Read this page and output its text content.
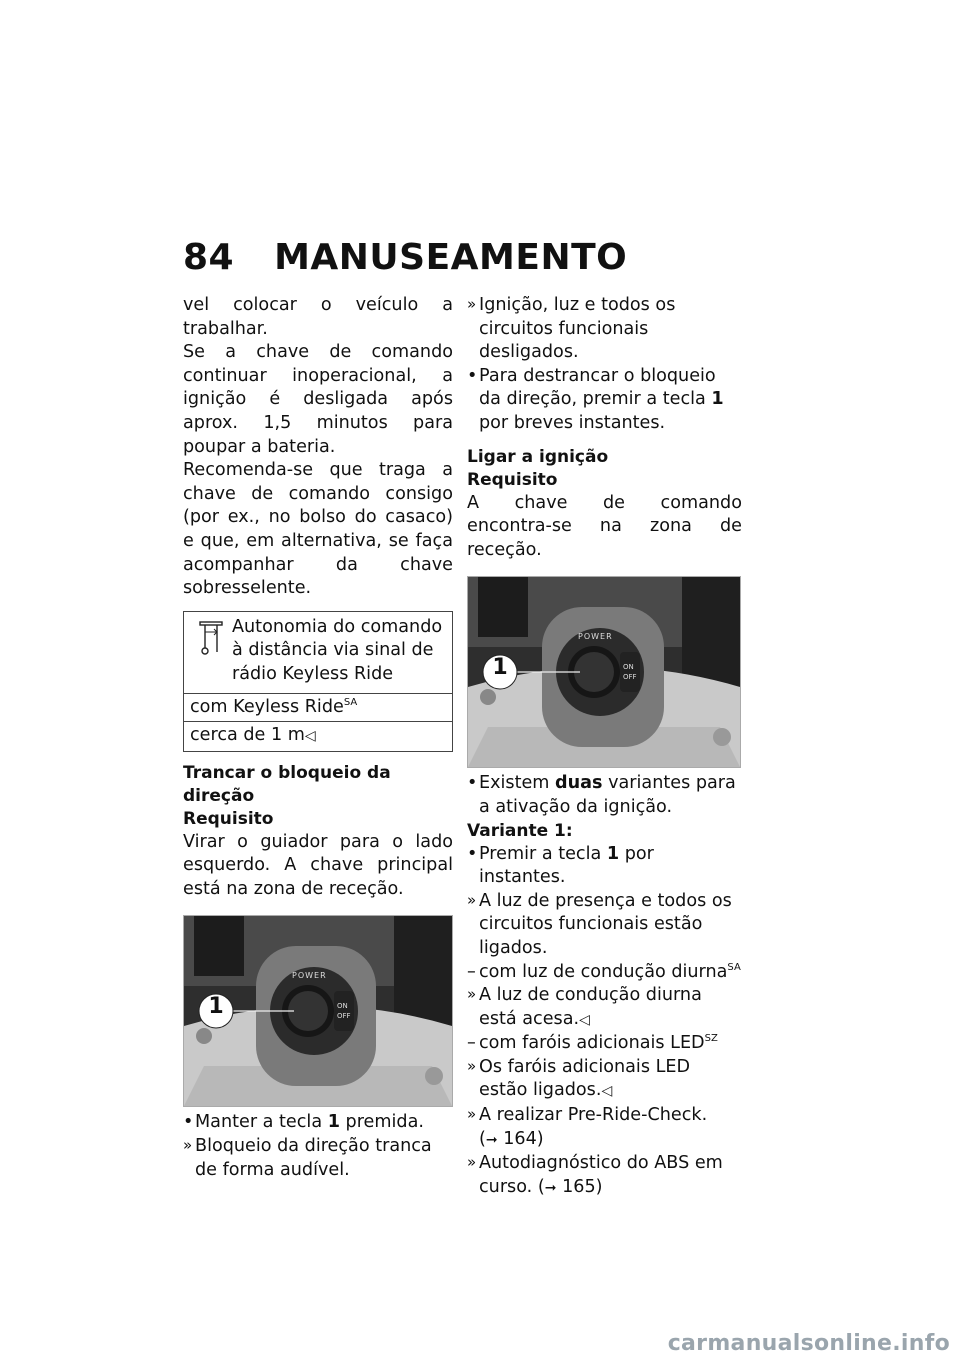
84 MANUSEAMENTO

vel colocar o veículo a trabalhar.

Se a chave de comando continuar inoperacional, a ignição é desligada após aprox. 1,5 minutos para poupar a bateria.

Recomenda-se que traga a chave de comando consigo (por ex., no bolso do casaco) e que, em alternativa, se faça acompanhar da chave sobresselente.

Autonomia do comando à distância via sinal de rádio Keyless Ride
com Keyless Ride$^{SA}$
cerca de 1 m◁

Trancar o bloqueio da direção

Requisito

Virar o guiador para o lado esquerdo. A chave principal está na zona de receção.

1
POWER
ON
OFF

• Manter a tecla 1 premida.

» Bloqueio da direção tranca de forma audível.

» Ignição, luz e todos os circuitos funcionais desligados.

• Para destrancar o bloqueio da direção, premir a tecla 1 por breves instantes.

Ligar a ignição

Requisito

A chave de comando encontra-se na zona de receção.

1
POWER
ON
OFF

• Existem duas variantes para a ativação da ignição.

Variante 1:

• Premir a tecla 1 por instantes.

» A luz de presença e todos os circuitos funcionais estão ligados.

– com luz de condução diurna$^{SA}$

» A luz de condução diurna está acesa.◁

– com faróis adicionais $LED^{SZ}$

» Os faróis adicionais LED estão ligados.◁

» A realizar Pre-Ride-Check.
(➞ 164)

» Autodiagnóstico do ABS em curso. (➞ 165)

carmanualsonline.info
